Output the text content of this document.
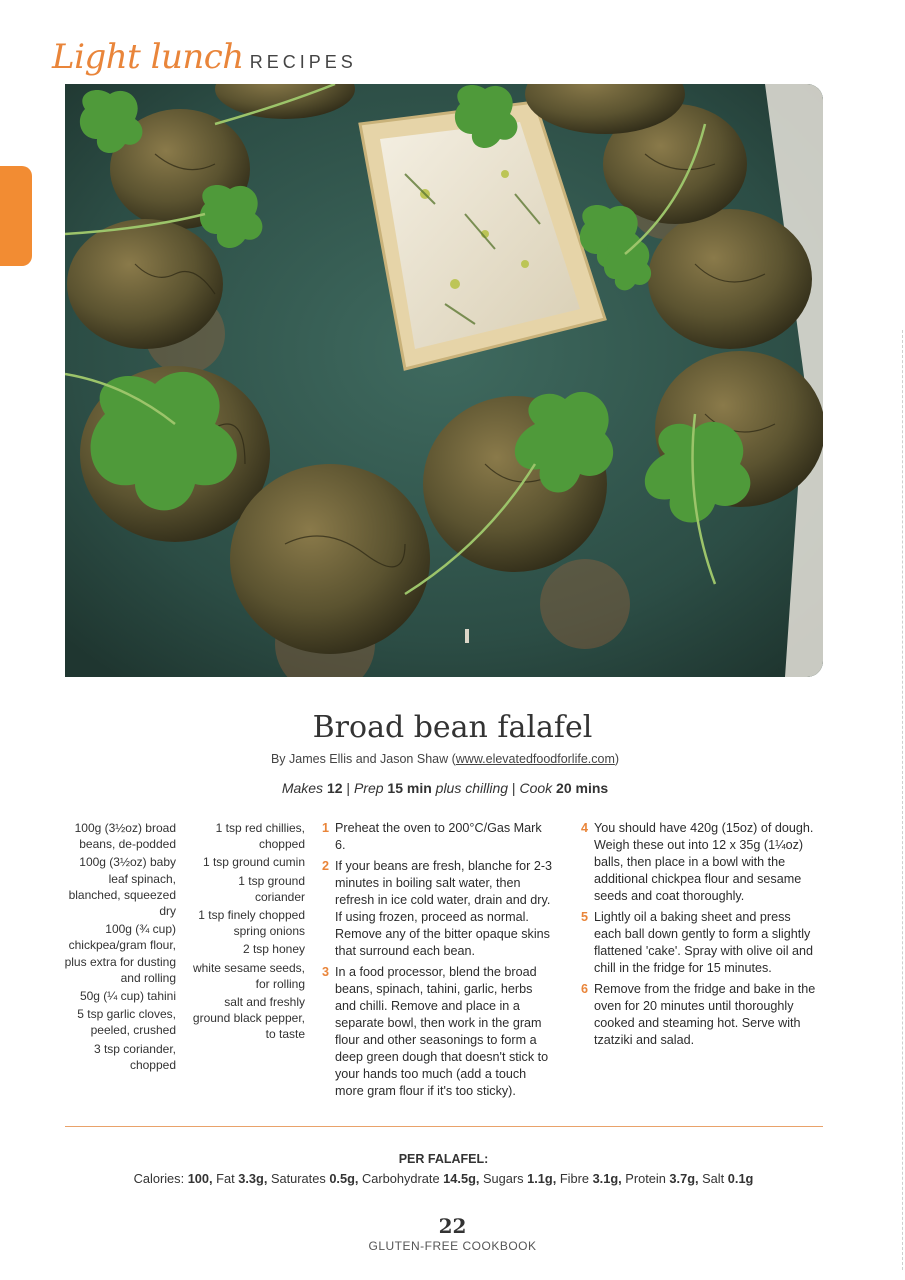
Light lunch RECIPES
Broad bean falafel
By James Ellis and Jason Shaw (www.elevatedfoodforlife.com)
Makes 12 | Prep 15 min plus chilling | Cook 20 mins
100g (3½oz) broad beans, de-podded
100g (3½oz) baby leaf spinach, blanched, squeezed dry
100g (¾ cup) chickpea/gram flour, plus extra for dusting and rolling
50g (¼ cup) tahini
5 tsp garlic cloves, peeled, crushed
3 tsp coriander, chopped
1 tsp red chillies, chopped
1 tsp ground cumin
1 tsp ground coriander
1 tsp finely chopped spring onions
2 tsp honey
white sesame seeds, for rolling
salt and freshly ground black pepper, to taste
1 Preheat the oven to 200°C/Gas Mark 6.
2 If your beans are fresh, blanche for 2-3 minutes in boiling salt water, then refresh in ice cold water, drain and dry. If using frozen, proceed as normal. Remove any of the bitter opaque skins that surround each bean.
3 In a food processor, blend the broad beans, spinach, tahini, garlic, herbs and chilli. Remove and place in a separate bowl, then work in the gram flour and other seasonings to form a deep green dough that doesn't stick to your hands too much (add a touch more gram flour if it's too sticky).
4 You should have 420g (15oz) of dough. Weigh these out into 12 x 35g (1¼oz) balls, then place in a bowl with the additional chickpea flour and sesame seeds and coat thoroughly.
5 Lightly oil a baking sheet and press each ball down gently to form a slightly flattened 'cake'. Spray with olive oil and chill in the fridge for 15 minutes.
6 Remove from the fridge and bake in the oven for 20 minutes until thoroughly cooked and steaming hot. Serve with tzatziki and salad.
PER FALAFEL:
Calories: 100, Fat 3.3g, Saturates 0.5g, Carbohydrate 14.5g, Sugars 1.1g, Fibre 3.1g, Protein 3.7g, Salt 0.1g
22
GLUTEN-FREE COOKBOOK
